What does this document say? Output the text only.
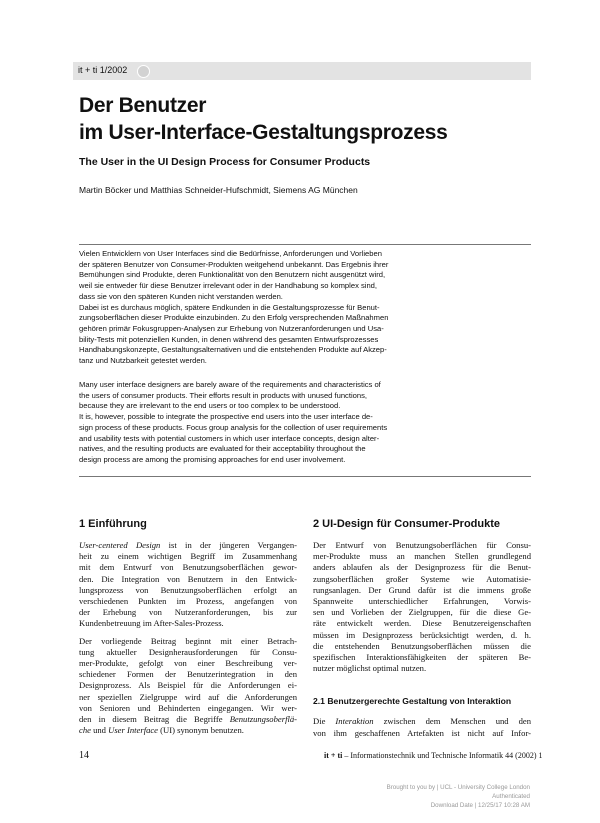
it + ti 1/2002
Der Benutzer
im User-Interface-Gestaltungsprozess
The User in the UI Design Process for Consumer Products
Martin Böcker und Matthias Schneider-Hufschmidt, Siemens AG München
Vielen Entwicklern von User Interfaces sind die Bedürfnisse, Anforderungen und Vorlieben
der späteren Benutzer von Consumer-Produkten weitgehend unbekannt. Das Ergebnis ihrer
Bemühungen sind Produkte, deren Funktionalität von den Benutzern nicht ausgenützt wird,
weil sie entweder für diese Benutzer irrelevant oder in der Handhabung so komplex sind,
dass sie von den späteren Kunden nicht verstanden werden.
Dabei ist es durchaus möglich, spätere Endkunden in die Gestaltungsprozesse für Benut-
zungsoberflächen dieser Produkte einzubinden. Zu den Erfolg versprechenden Maßnahmen
gehören primär Fokusgruppen-Analysen zur Erhebung von Nutzeranforderungen und Usa-
bility-Tests mit potenziellen Kunden, in denen während des gesamten Entwurfsprozesses
Handhabungskonzepte, Gestaltungsalternativen und die entstehenden Produkte auf Akzep-
tanz und Nutzbarkeit getestet werden.
Many user interface designers are barely aware of the requirements and characteristics of
the users of consumer products. Their efforts result in products with unused functions,
because they are irrelevant to the end users or too complex to be understood.
It is, however, possible to integrate the prospective end users into the user interface de-
sign process of these products. Focus group analysis for the collection of user requirements
and usability tests with potential customers in which user interface concepts, design alter-
natives, and the resulting products are evaluated for their acceptability throughout the
design process are among the promising approaches for end user involvement.
1 Einführung
User-centered Design ist in der jüngeren Vergangen-
heit zu einem wichtigen Begriff im Zusammenhang
mit dem Entwurf von Benutzungsoberflächen gewor-
den. Die Integration von Benutzern in den Entwick-
lungsprozess von Benutzungsoberflächen erfolgt an
verschiedenen Punkten im Prozess, angefangen von
der Erhebung von Nutzeranforderungen, bis zur
Kundenbetreuung im After-Sales-Prozess.
Der vorliegende Beitrag beginnt mit einer Betrach-
tung aktueller Designherausforderungen für Consu-
mer-Produkte, gefolgt von einer Beschreibung ver-
schiedener Formen der Benutzerintegration in den
Designprozess. Als Beispiel für die Anforderungen ei-
ner speziellen Zielgruppe wird auf die Anforderungen
von Senioren und Behinderten eingegangen. Wir wer-
den in diesem Beitrag die Begriffe Benutzungsoberflä-
che und User Interface (UI) synonym benutzen.
2 UI-Design für Consumer-Produkte
Der Entwurf von Benutzungsoberflächen für Consu-
mer-Produkte muss an manchen Stellen grundlegend
anders ablaufen als der Designprozess für die Benut-
zungsoberflächen großer Systeme wie Automatisie-
rungsanlagen. Der Grund dafür ist die immens große
Spannweite unterschiedlicher Erfahrungen, Vorwis-
sen und Vorlieben der Zielgruppen, für die diese Ge-
räte entwickelt werden. Diese Benutzereigenschaften
müssen im Designprozess berücksichtigt werden, d. h.
die entstehenden Benutzungsoberflächen müssen die
spezifischen Interaktionsfähigkeiten der späteren Be-
nutzer möglichst optimal nutzen.
2.1 Benutzergerechte Gestaltung von Interaktion
Die Interaktion zwischen dem Menschen und den
von ihm geschaffenen Artefakten ist nicht auf Infor-
14	it + ti – Informationstechnik und Technische Informatik 44 (2002) 1
Brought to you by | UCL - University College London
Authenticated
Download Date | 12/25/17 10:28 AM
